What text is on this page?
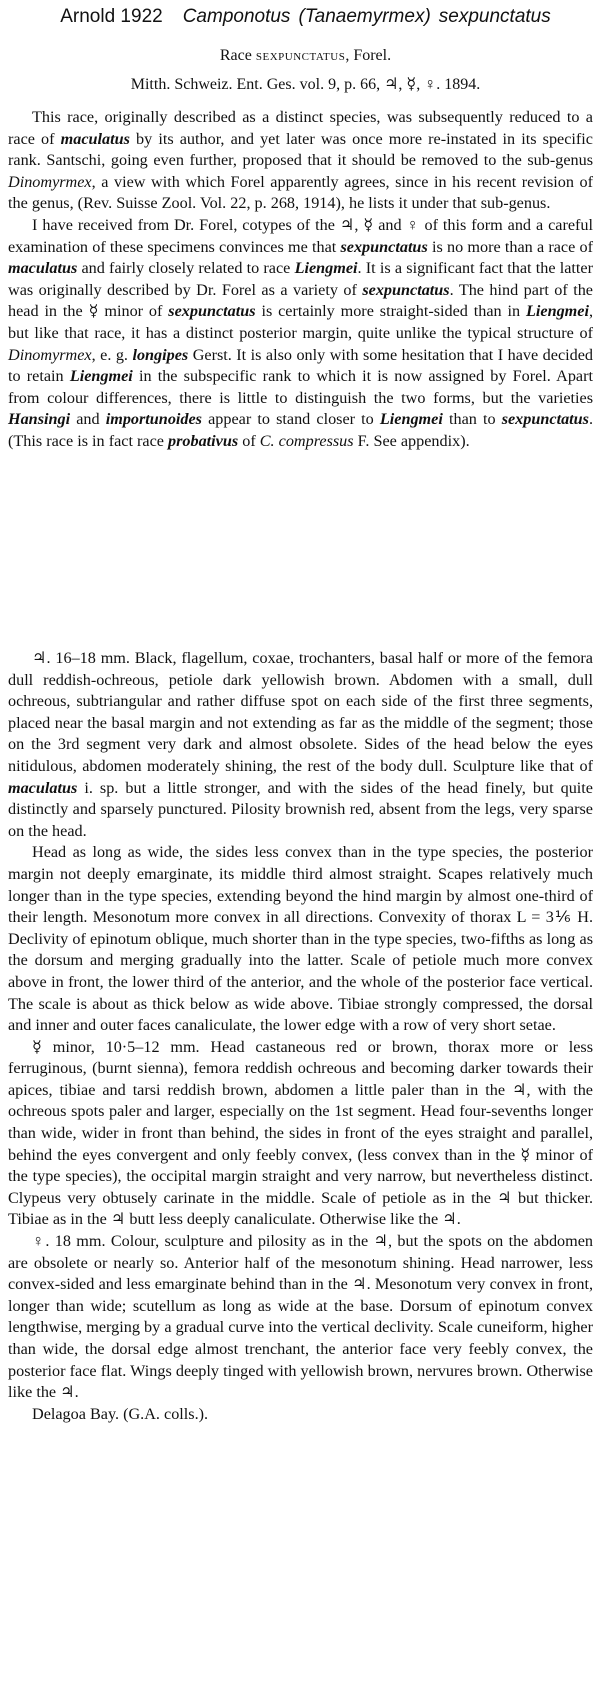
Arnold 1922 Camponotus (Tanaemyrmex) sexpunctatus
Race sexpunctatus, Forel.
Mitth. Schweiz. Ent. Ges. vol. 9, p. 66, ♃, ☿, ♀. 1894.

This race, originally described as a distinct species, was subsequently reduced to a race of maculatus by its author, and yet later was once more re-instated in its specific rank. Santschi, going even further, proposed that it should be removed to the sub-genus Dinomyrmex, a view with which Forel apparently agrees, since in his recent revision of the genus, (Rev. Suisse Zool. Vol. 22, p. 268, 1914), he lists it under that sub-genus.

I have received from Dr. Forel, cotypes of the ♃, ☿ and ♀ of this form and a careful examination of these specimens convinces me that sexpunctatus is no more than a race of maculatus and fairly closely related to race Liengmei. It is a significant fact that the latter was originally described by Dr. Forel as a variety of sexpunctatus. The hind part of the head in the ☿ minor of sexpunctatus is certainly more straight-sided than in Liengmei, but like that race, it has a distinct posterior margin, quite unlike the typical structure of Dinomyrmex, e. g. longipes Gerst. It is also only with some hesitation that I have decided to retain Liengmei in the subspecific rank to which it is now assigned by Forel. Apart from colour differences, there is little to distinguish the two forms, but the varieties Hansingi and importunoides appear to stand closer to Liengmei than to sexpunctatus. (This race is in fact race probativus of C. compressus F. See appendix).

♃. 16–18 mm. Black, flagellum, coxae, trochanters, basal half or more of the femora dull reddish-ochreous, petiole dark yellowish brown. Abdomen with a small, dull ochreous, subtriangular and rather diffuse spot on each side of the first three segments, placed near the basal margin and not extending as far as the middle of the segment; those on the 3rd segment very dark and almost obsolete. Sides of the head below the eyes nitidulous, abdomen moderately shining, the rest of the body dull. Sculpture like that of maculatus i. sp. but a little stronger, and with the sides of the head finely, but quite distinctly and sparsely punctured. Pilosity brownish red, absent from the legs, very sparse on the head.

Head as long as wide, the sides less convex than in the type species, the posterior margin not deeply emarginate, its middle third almost straight. Scapes relatively much longer than in the type species, extending beyond the hind margin by almost one-third of their length. Mesonotum more convex in all directions. Convexity of thorax L = 3⅙ H. Declivity of epinotum oblique, much shorter than in the type species, two-fifths as long as the dorsum and merging gradually into the latter. Scale of petiole much more convex above in front, the lower third of the anterior, and the whole of the posterior face vertical. The scale is about as thick below as wide above. Tibiae strongly compressed, the dorsal and inner and outer faces canaliculate, the lower edge with a row of very short setae.

☿ minor, 10·5–12 mm. Head castaneous red or brown, thorax more or less ferruginous, (burnt sienna), femora reddish ochreous and becoming darker towards their apices, tibiae and tarsi reddish brown, abdomen a little paler than in the ♃, with the ochreous spots paler and larger, especially on the 1st segment. Head four-sevenths longer than wide, wider in front than behind, the sides in front of the eyes straight and parallel, behind the eyes convergent and only feebly convex, (less convex than in the ☿ minor of the type species), the occipital margin straight and very narrow, but nevertheless distinct. Clypeus very obtusely carinate in the middle. Scale of petiole as in the ♃ but thicker. Tibiae as in the ♃ butt less deeply canaliculate. Otherwise like the ♃.

♀. 18 mm. Colour, sculpture and pilosity as in the ♃, but the spots on the abdomen are obsolete or nearly so. Anterior half of the mesonotum shining. Head narrower, less convex-sided and less emarginate behind than in the ♃. Mesonotum very convex in front, longer than wide; scutellum as long as wide at the base. Dorsum of epinotum convex lengthwise, merging by a gradual curve into the vertical declivity. Scale cuneiform, higher than wide, the dorsal edge almost trenchant, the anterior face very feebly convex, the posterior face flat. Wings deeply tinged with yellowish brown, nervures brown. Otherwise like the ♃.

Delagoa Bay. (G.A. colls.).
